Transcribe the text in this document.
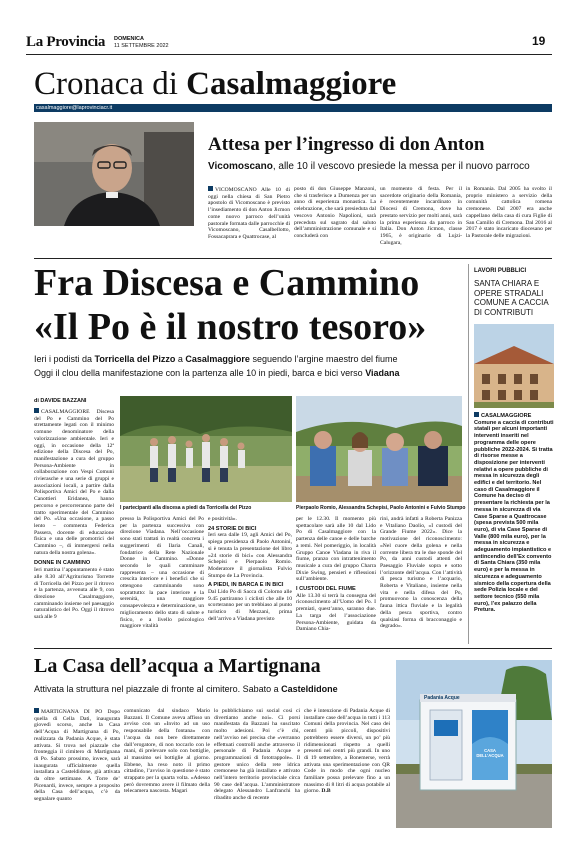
La Provincia DOMENICA
11 SETTEMBRE 2022	19
Cronaca di Casalmaggiore
casalmaggiore@laprovinciacr.it
Attesa per l’ingresso di don Anton
Vicomoscano, alle 10 il vescovo presiede la messa per il nuovo parroco
VICOMOSCANO Alle 10 di oggi nella chiesa di San Pietro apostolo di Vicomoscano è previsto l’insediamento di don Anton Jicmon come nuovo parroco dell’unità pastorale formata dalle parrocchie di Vicomoscano, Casalbellotto, Fossacaprara e Quattrocase, al
posto di don Giuseppe Manzoni, che si trasferisce a Dumenza per un anno di esperienza monastica. La celebrazione, che sarà presieduta dal vescovo Antonio Napolioni, sarà preceduta sul sagrato dal saluto dell’amministrazione comunale e si concluderà con
un momento di festa. Per il sacerdote originario della Romania, è recentemente incardinato in Diocesi di Cremona, dove ha prestato servizio per molti anni, sarà la prima esperienza da parroco in Italia. Don Anton Jicmon, classe 1965, è originario di Lujzi-Calugara,
in Romania. Dal 2005 ha svolto il proprio ministero a servizio della comunità cattolica romena cremonese. Dal 2007 era anche cappellano della casa di cura Figlie di San Camillo di Cremona. Dal 2016 al 2017 è stato incaricato diocesano per la Pastorale delle migrazioni.
Fra Discesa e Cammino
«Il Po è il nostro tesoro»
Ieri i podisti da Torricella del Pizzo a Casalmaggiore seguendo l’argine maestro del fiume
Oggi il clou della manifestazione con la partenza alle 10 in piedi, barca e bici verso Viadana
di DAVIDE BAZZANI
CASALMAGGIORE Discesa del Po e Cammino del Po strettamente legati con il minimo comune denominatore della valorizzazione ambientale. Ieri e oggi, in occasione della 12ª edizione della Discesa del Po, manifestazione a cura del gruppo Persona-Ambiente in collaborazione con Vespi Comuni rivierasche e una serie di gruppi e associazioni locali, a partire dalla Polisportiva Amici del Po e dalla Canottieri Eridanea, hanno percorso e percorreranno parte del tratto sperimentale del Cammino del Po. «Una occasione, a passo lento – commenta Federica Passera, docente di educazione fisica e una delle promotrici del Cammino –, di immergersi nella natura della nostra golena».
DONNE IN CAMMINO
Ieri mattina l’appuntamento è stato alle 8.30 all’Agriturismo Torrette di Torricella del Pizzo per il ritrovo e la partenza, avvenuta alle 9, con direzione Casalmaggiore, camminando insieme nel paesaggio naturalistico del Po. Oggi il ritrovo sarà alle 9
I partecipanti alla discesa a piedi da Torricella del Pizzo	Pierpaolo Romio, Alessandra Schepisi, Paolo Antonini e Fulvio Stumpo
presso la Polisportiva Amici del Po per la partenza successiva con direzione Viadana. Nell’occasione sono stati trattati in realtà concreta i suggerimenti di Ilaria Canali, fondatrice della Rete Nazionale Donne in Cammino. «Donne secondo le quali camminare rappresenta – una occasione di crescita interiore e i benefici che si ottengono camminando sono soprattutto: la pace interiore e la serenità, una maggiore consapevolezza e determinazione, un miglioramento dello stato di salute e fisico, e a livello psicologico maggiore vitalità
e positività».
24 STORIE DI BICI
Ieri sera dalle 19, agli Amici del Po, spiega presidenza di Paolo Antonini, si è tenuta la presentazione del libro «24 storie di bici» con Alessandra Schepisi e Pierpaolo Romio. Moderatore il giornalista Fulvio Stumpo de La Provincia.
A PIEDI, IN BARCA E IN BICI
Dal Lido Po di Sacca di Colorno alle 9.45 partiranno i ciclisti che alle 10 scorteranno per un trebbiaso al punto turistico di Mezzani, prima dell’arrivo a Viadana previsto
per le 12.30. Il momento più spettacolare sarà alle 10 dal Lido Po di Casalmaggiore con la partenza delle canoe e delle barche a remi. Nel pomeriggio, in località Gruppo Canoe Viadana in riva il fiume, pranzo con intrattenimento musicale a cura del gruppo Charra Dixie Swing, pensieri e riflessioni sull’ambiente.
I CUSTODI DEL FIUME
Alle 13.30 si terrà la consegna del riconoscimento all’Uomo del Po. I premiati, quest’anno, saranno due. La targa del l’associazione Persona-Ambiente, guidata da Damiano Chia-
rini, andrà infatti a Roberta Panizza e Vitaliano Daolio, «I custodi del Grande Fiume 2022». Dice la motivazione del riconoscimento: «Nel cuore della golena e nella corrente libera tra le due sponde del Po, da anni custodi attenti del Paesaggio Fluviale sopra e sotto l’orizzonte dell’acqua. Con l’attività di pesca turismo e l’acquario, Roberta e Vitaliano, insieme nella vita e nella difesa del Po, promuovono la conoscenza della fauna ittica fluviale e la legalità della pesca sportiva, contro qualsiasi forma di bracconaggio e degrado».
LAVORI PUBBLICI
SANTA CHIARA E OPERE STRADALI COMUNE A CACCIA DI CONTRIBUTI
CASALMAGGIORE Comune a caccia di contributi statali per alcuni importanti interventi inseriti nel programma delle opere pubbliche 2022-2024. Si tratta di risorse messe a disposizione per interventi relativi a opere pubbliche di messa in sicurezza degli edifici e del territorio. Nel caso di Casalmaggiore il Comune ha deciso di presentare la richiesta per la messa in sicurezza di via Case Sparse a Quattrocase (spesa prevista 500 mila euro), di via Case Sparse di Valle (800 mila euro), per la messa in sicurezza e adeguamento impiantistico e antincendio dell’Ex convento di Santa Chiara (350 mila euro) e per la messa in sicurezza e adeguamento sismico della copertura della sede Polizia locale e del settore tecnico (550 mila euro), l’ex palazzo della Pretura.
La Casa dell’acqua a Martignana
Attivata la struttura nel piazzale di fronte al cimitero. Sabato a Casteldidone
MARTIGNANA DI PO Dopo quella di Cella Dati, inaugurata giovedì scorso, anche la Casa dell’Acqua di Martignana di Po, realizzata da Padania Acque, è stata attivata. Si trova nel piazzale che fronteggia il cimitero di Martignana di Po. Sabato prossimo, invece, sarà inaugurata ufficialmente quella installata a Casteldidone, già attivata da oltre settimane. A Torre de’ Picenardi, invece, sempre a proposito della Casa dell’acqua, c’è da segnalare quanto
comunicato dal sindaco Mario Bazzani. Il Comune aveva affisso un avviso con un «Invito ad un uso responsabile della fontana» con l’acqua da non bere direttamente dall’erogatore, di non toccarlo con le mani, di prelevare solo con bottiglie, al massimo sei bottiglie al giorno. Ebbene, ha reso noto il primo cittadino, l’avviso in questione è stato strappato per la quarta volta. «Adesso però dovremmo avere il filmato della telecamera nascosta. Magari
lo pubblichiamo sui social così ci divertiamo anche noi». Ci porsi manifestata da Bazzani ha suscitato molto adesioni. Poi c’è chi, nell’avviso nei precisa che «verranno effettuati controlli anche attraverso il personale di Padania Acque e programmazioni di fototrappole». Il gestore unico della rete idrica cremonese ha già installato e attivato nell’intero territorio provinciale circa 90 case dell’acqua. L’amministratore delegato Alessandro Lanfranchi ha ribadito anche di recente
che è intenzione di Padania Acque di installare case dell’acqua in tutti i 113 Comuni della provincia. Nel caso dei centri più piccoli, dispositivi potrebbero essere diversi, un po’ più ridimensionati rispetto a quelli presenti nei centri più grandi. In uno di 19 settembre, a Bonemerse, verrà attivata una sperimentazione con QR Code in modo che ogni nucleo familiare possa prelevare fino a un massimo di 8 litri di acqua potabile al giorno. D.B
Padania Acque
CASA DELL'ACQUA
